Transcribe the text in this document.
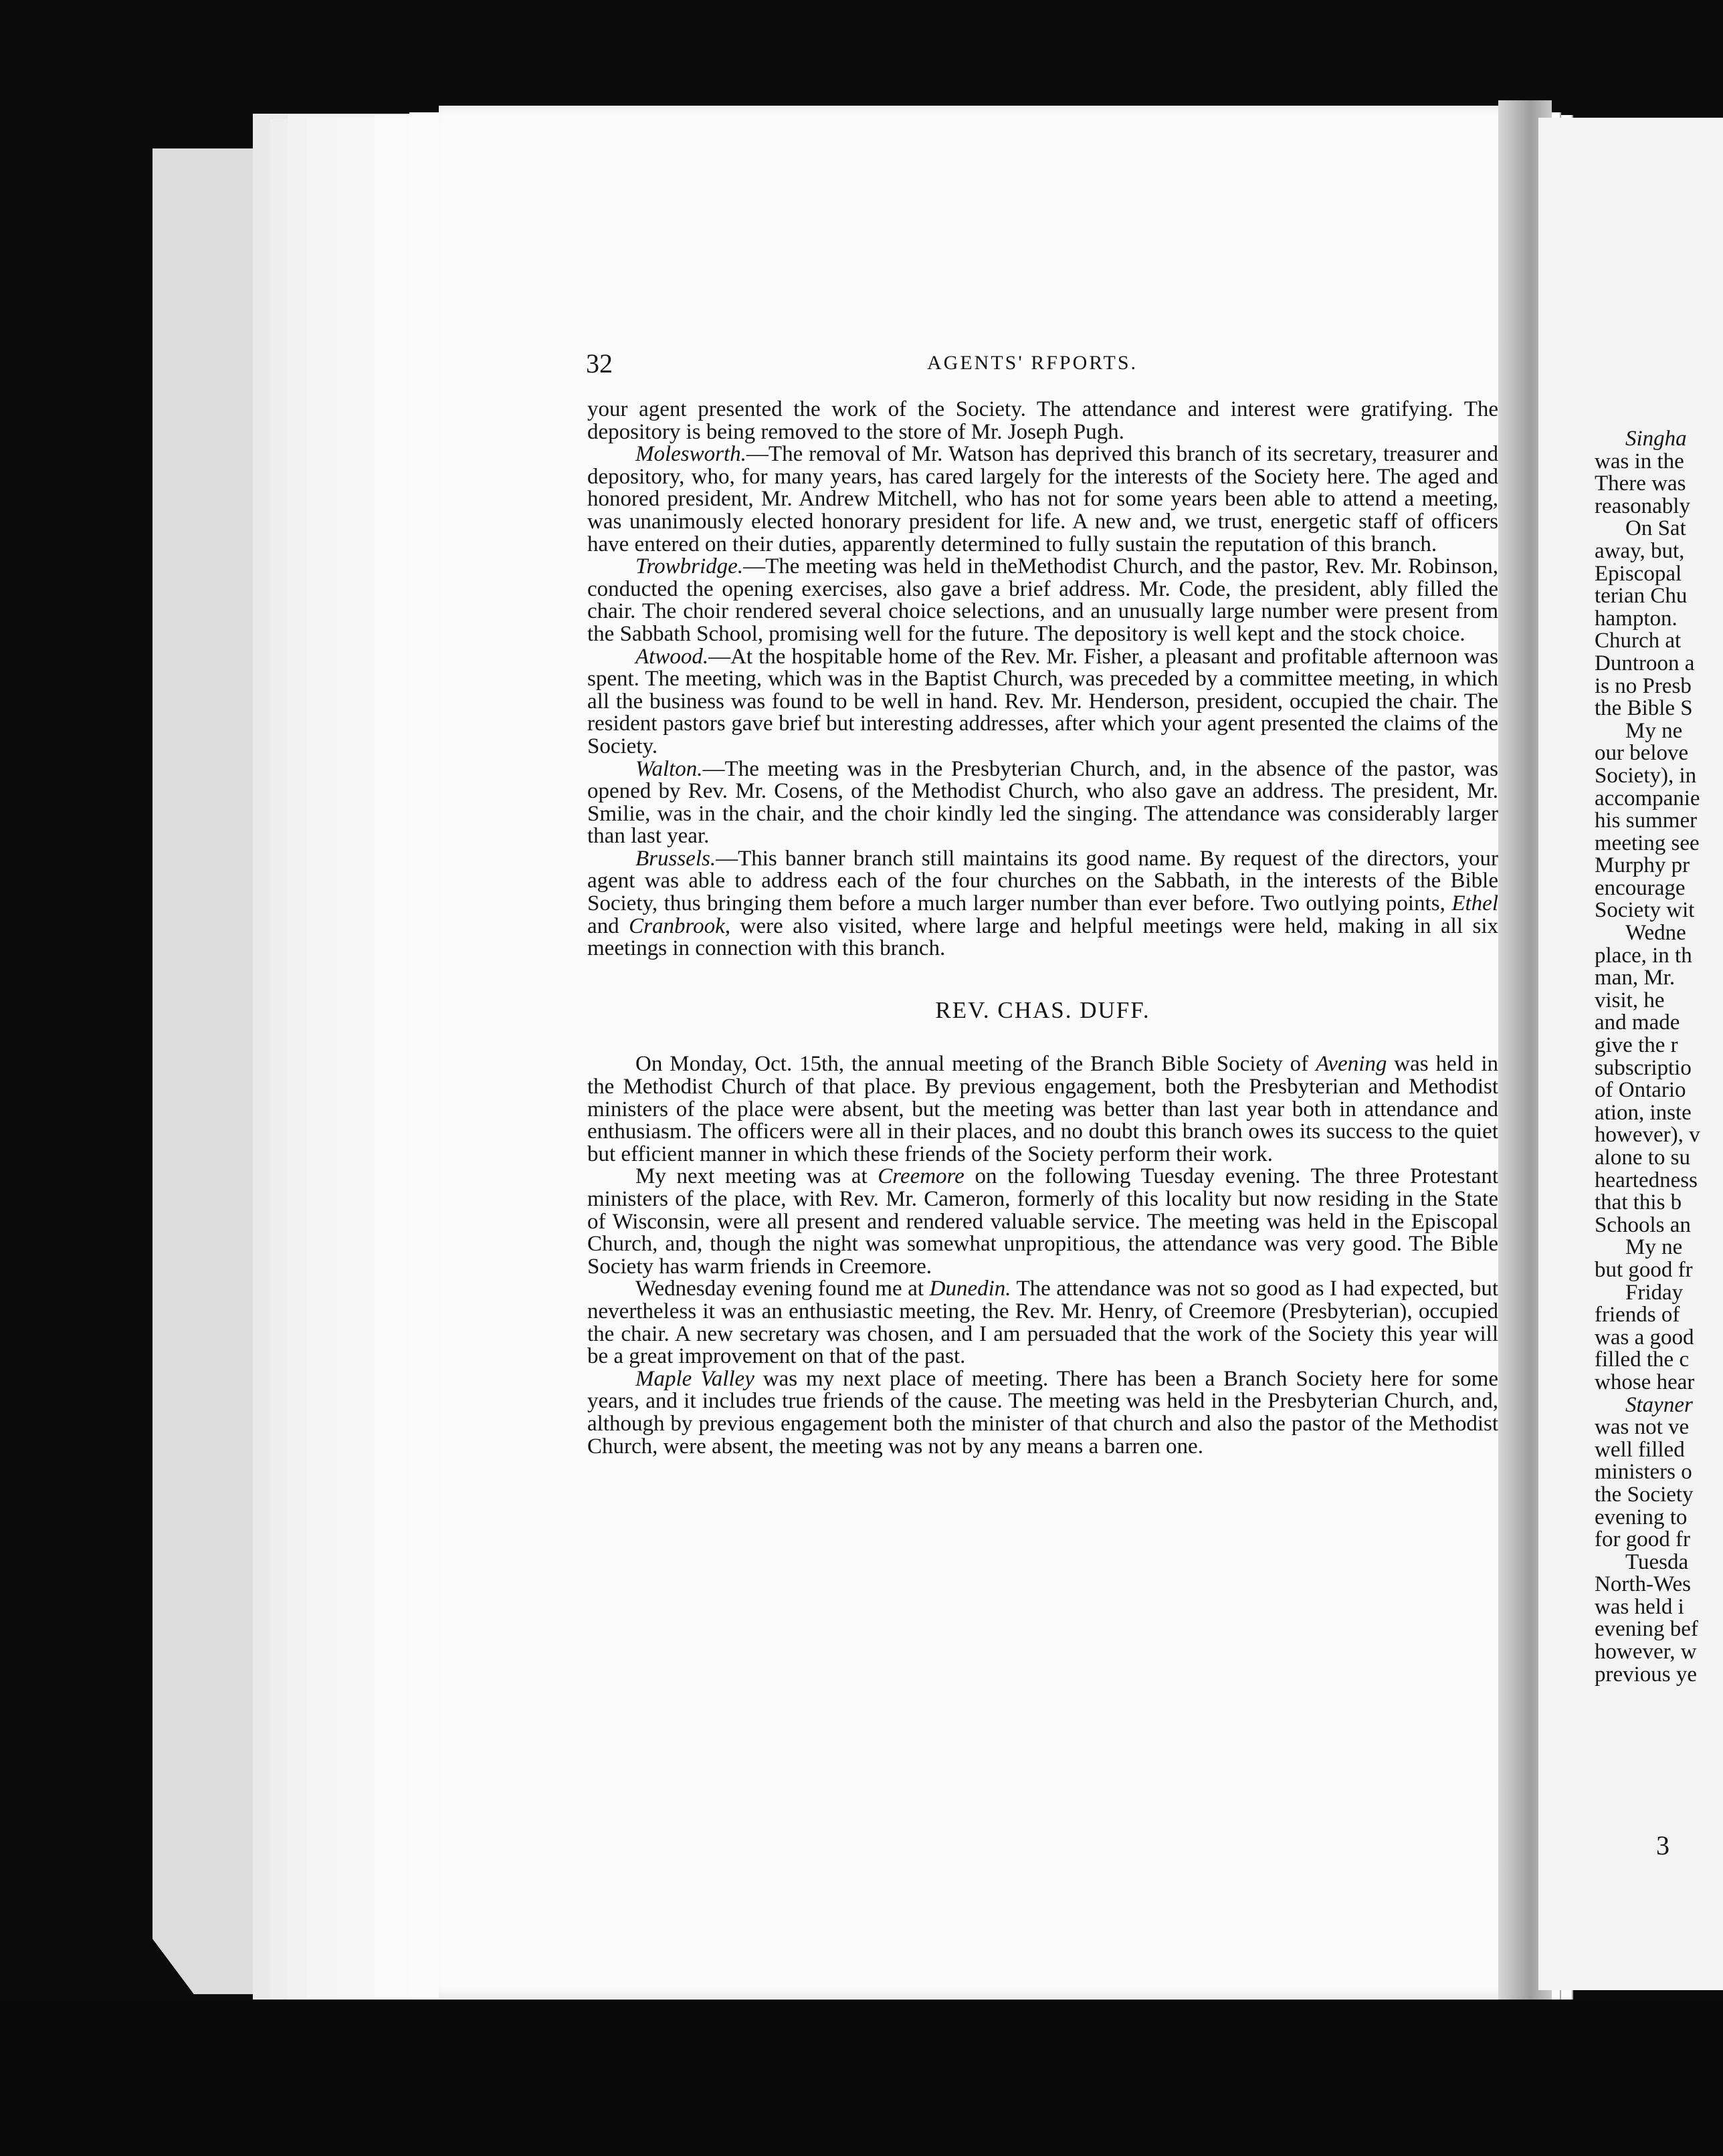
32	AGENTS' RFPORTS.

your agent presented the work of the Society. The attendance and interest were gratifying. The depository is being removed to the store of Mr. Joseph Pugh.

Molesworth.—The removal of Mr. Watson has deprived this branch of its secretary, treasurer and depository, who, for many years, has cared largely for the interests of the Society here. The aged and honored president, Mr. Andrew Mitchell, who has not for some years been able to attend a meeting, was unanimously elected honorary president for life. A new and, we trust, energetic staff of officers have entered on their duties, apparently determined to fully sustain the reputation of this branch.

Trowbridge.—The meeting was held in theMethodist Church, and the pastor, Rev. Mr. Robinson, conducted the opening exercises, also gave a brief address. Mr. Code, the president, ably filled the chair. The choir rendered several choice selections, and an unusually large number were present from the Sabbath School, promising well for the future. The depository is well kept and the stock choice.

Atwood.—At the hospitable home of the Rev. Mr. Fisher, a pleasant and profitable afternoon was spent. The meeting, which was in the Baptist Church, was preceded by a committee meeting, in which all the business was found to be well in hand. Rev. Mr. Henderson, president, occupied the chair. The resident pastors gave brief but interesting addresses, after which your agent presented the claims of the Society.

Walton.—The meeting was in the Presbyterian Church, and, in the absence of the pastor, was opened by Rev. Mr. Cosens, of the Methodist Church, who also gave an address. The president, Mr. Smilie, was in the chair, and the choir kindly led the singing. The attendance was considerably larger than last year.

Brussels.—This banner branch still maintains its good name. By request of the directors, your agent was able to address each of the four churches on the Sabbath, in the interests of the Bible Society, thus bringing them before a much larger number than ever before. Two outlying points, Ethel and Cranbrook, were also visited, where large and helpful meetings were held, making in all six meetings in connection with this branch.

REV. CHAS. DUFF.

On Monday, Oct. 15th, the annual meeting of the Branch Bible Society of Avening was held in the Methodist Church of that place. By previous engagement, both the Presbyterian and Methodist ministers of the place were absent, but the meeting was better than last year both in attendance and enthusiasm. The officers were all in their places, and no doubt this branch owes its success to the quiet but efficient manner in which these friends of the Society perform their work.

My next meeting was at Creemore on the following Tuesday evening. The three Protestant ministers of the place, with Rev. Mr. Cameron, formerly of this locality but now residing in the State of Wisconsin, were all present and rendered valuable service. The meeting was held in the Episcopal Church, and, though the night was somewhat unpropitious, the attendance was very good. The Bible Society has warm friends in Creemore.

Wednesday evening found me at Dunedin. The attendance was not so good as I had expected, but nevertheless it was an enthusiastic meeting, the Rev. Mr. Henry, of Creemore (Presbyterian), occupied the chair. A new secretary was chosen, and I am persuaded that the work of the Society this year will be a great improvement on that of the past.

Maple Valley was my next place of meeting. There has been a Branch Society here for some years, and it includes true friends of the cause. The meeting was held in the Presbyterian Church, and, although by previous engagement both the minister of that church and also the pastor of the Methodist Church, were absent, the meeting was not by any means a barren one.

Singha
was in the
There was
reasonably
On Sat
away, but,
Episcopal
terian Chu
hampton.
Church at
Duntroon a
is no Presb
the Bible S
My ne
our belove
Society), in
accompanie
his summer
meeting see
Murphy pr
encourage
Society wit
Wedne
place, in th
man, Mr.
visit, he
and made
give the r
subscriptio
of Ontario
ation, inste
however), v
alone to su
heartedness
that this b
Schools an
My ne
but good fr
Friday
friends of
was a good
filled the c
whose hear
Stayner
was not ve
well filled
ministers o
the Society
evening to
for good fr
Tuesda
North-Wes
was held i
evening bef
however, w
previous ye
3
